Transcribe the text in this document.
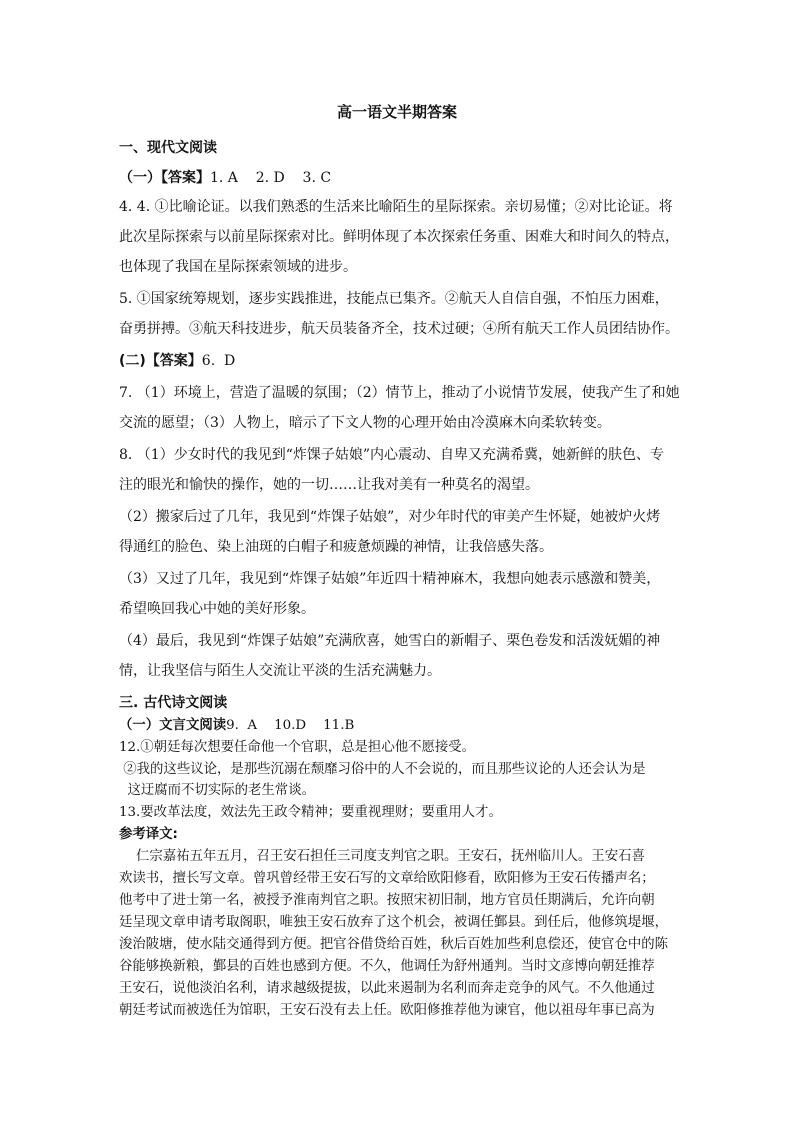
高一语文半期答案
一、现代文阅读
（一）【答案】1. A    2. D    3. C
4. 4. ①比喻论证。以我们熟悉的生活来比喻陌生的星际探索。亲切易懂；②对比论证。将
此次星际探索与以前星际探索对比。鲜明体现了本次探索任务重、困难大和时间久的特点，
也体现了我国在星际探索领域的进步。
5. ①国家统筹规划，逐步实践推进，技能点已集齐。②航天人自信自强，不怕压力困难，
奋勇拼搏。③航天科技进步，航天员装备齐全，技术过硬；④所有航天工作人员团结协作。
(二)【答案】6.  D
7. （1）环境上，营造了温暖的氛围；（2）情节上，推动了小说情节发展，使我产生了和她
交流的愿望；（3）人物上，暗示了下文人物的心理开始由冷漠麻木向柔软转变。
8. （1）少女时代的我见到“炸馃子姑娘”内心震动、自卑又充满希冀，她新鲜的肤色、专
注的眼光和愉快的操作，她的一切……让我对美有一种莫名的渴望。
（2）搬家后过了几年，我见到“炸馃子姑娘”，对少年时代的审美产生怀疑，她被炉火烤
得通红的脸色、染上油斑的白帽子和疲惫烦躁的神情，让我倍感失落。
（3）又过了几年，我见到“炸馃子姑娘”年近四十精神麻木，我想向她表示感激和赞美，
希望唤回我心中她的美好形象。
（4）最后，我见到“炸馃子姑娘”充满欣喜，她雪白的新帽子、栗色卷发和活泼妩媚的神
情，让我坚信与陌生人交流让平淡的生活充满魅力。
三. 古代诗文阅读
（一）文言文阅读9.  A    10.D    11.B
12.①朝廷每次想要任命他一个官职，总是担心他不愿接受。
②我的这些议论，是那些沉溺在颓靡习俗中的人不会说的，而且那些议论的人还会认为是
这迂腐而不切实际的老生常谈。
13.要改革法度，效法先王政令精神；要重视理财；要重用人才。
参考译文:
仁宗嘉祐五年五月，召王安石担任三司度支判官之职。王安石，抚州临川人。王安石喜
欢读书，擅长写文章。曾巩曾经带王安石写的文章给欧阳修看，欧阳修为王安石传播声名；
他考中了进士第一名，被授予淮南判官之职。按照宋初旧制，地方官员任期满后，允许向朝
廷呈现文章申请考取阁职，唯独王安石放弃了这个机会，被调任鄞县。到任后，他修筑堤堰，
浚治陂塘，使水陆交通得到方便。把官谷借贷给百姓，秋后百姓加些利息偿还，使官仓中的陈
谷能够换新粮，鄞县的百姓也感到方便。不久，他调任为舒州通判。当时文彦博向朝廷推荐
王安石，说他淡泊名利，请求越级提拔，以此来遏制为名利而奔走竞争的风气。不久他通过
朝廷考试而被选任为馆职，王安石没有去上任。欧阳修推荐他为谏官，他以祖母年事已高为
